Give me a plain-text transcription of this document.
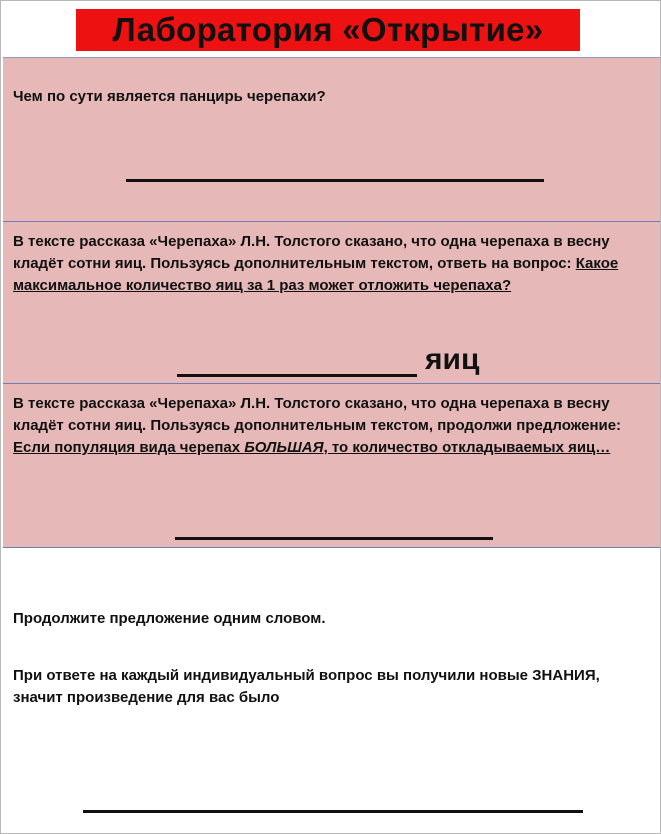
Лаборатория «Открытие»
Чем по сути является панцирь черепахи?
В тексте рассказа «Черепаха» Л.Н. Толстого сказано, что одна черепаха в весну кладёт сотни яиц. Пользуясь дополнительным текстом, ответь на вопрос: Какое максимальное количество яиц за 1 раз может отложить черепаха?
яиц
В тексте рассказа «Черепаха» Л.Н. Толстого сказано, что одна черепаха в весну кладёт сотни яиц. Пользуясь дополнительным текстом, продолжи предложение: Если популяция вида черепах БОЛЬШАЯ, то количество откладываемых яиц…
Продолжите предложение одним словом.
При ответе на каждый индивидуальный вопрос вы получили новые ЗНАНИЯ, значит произведение для вас было
